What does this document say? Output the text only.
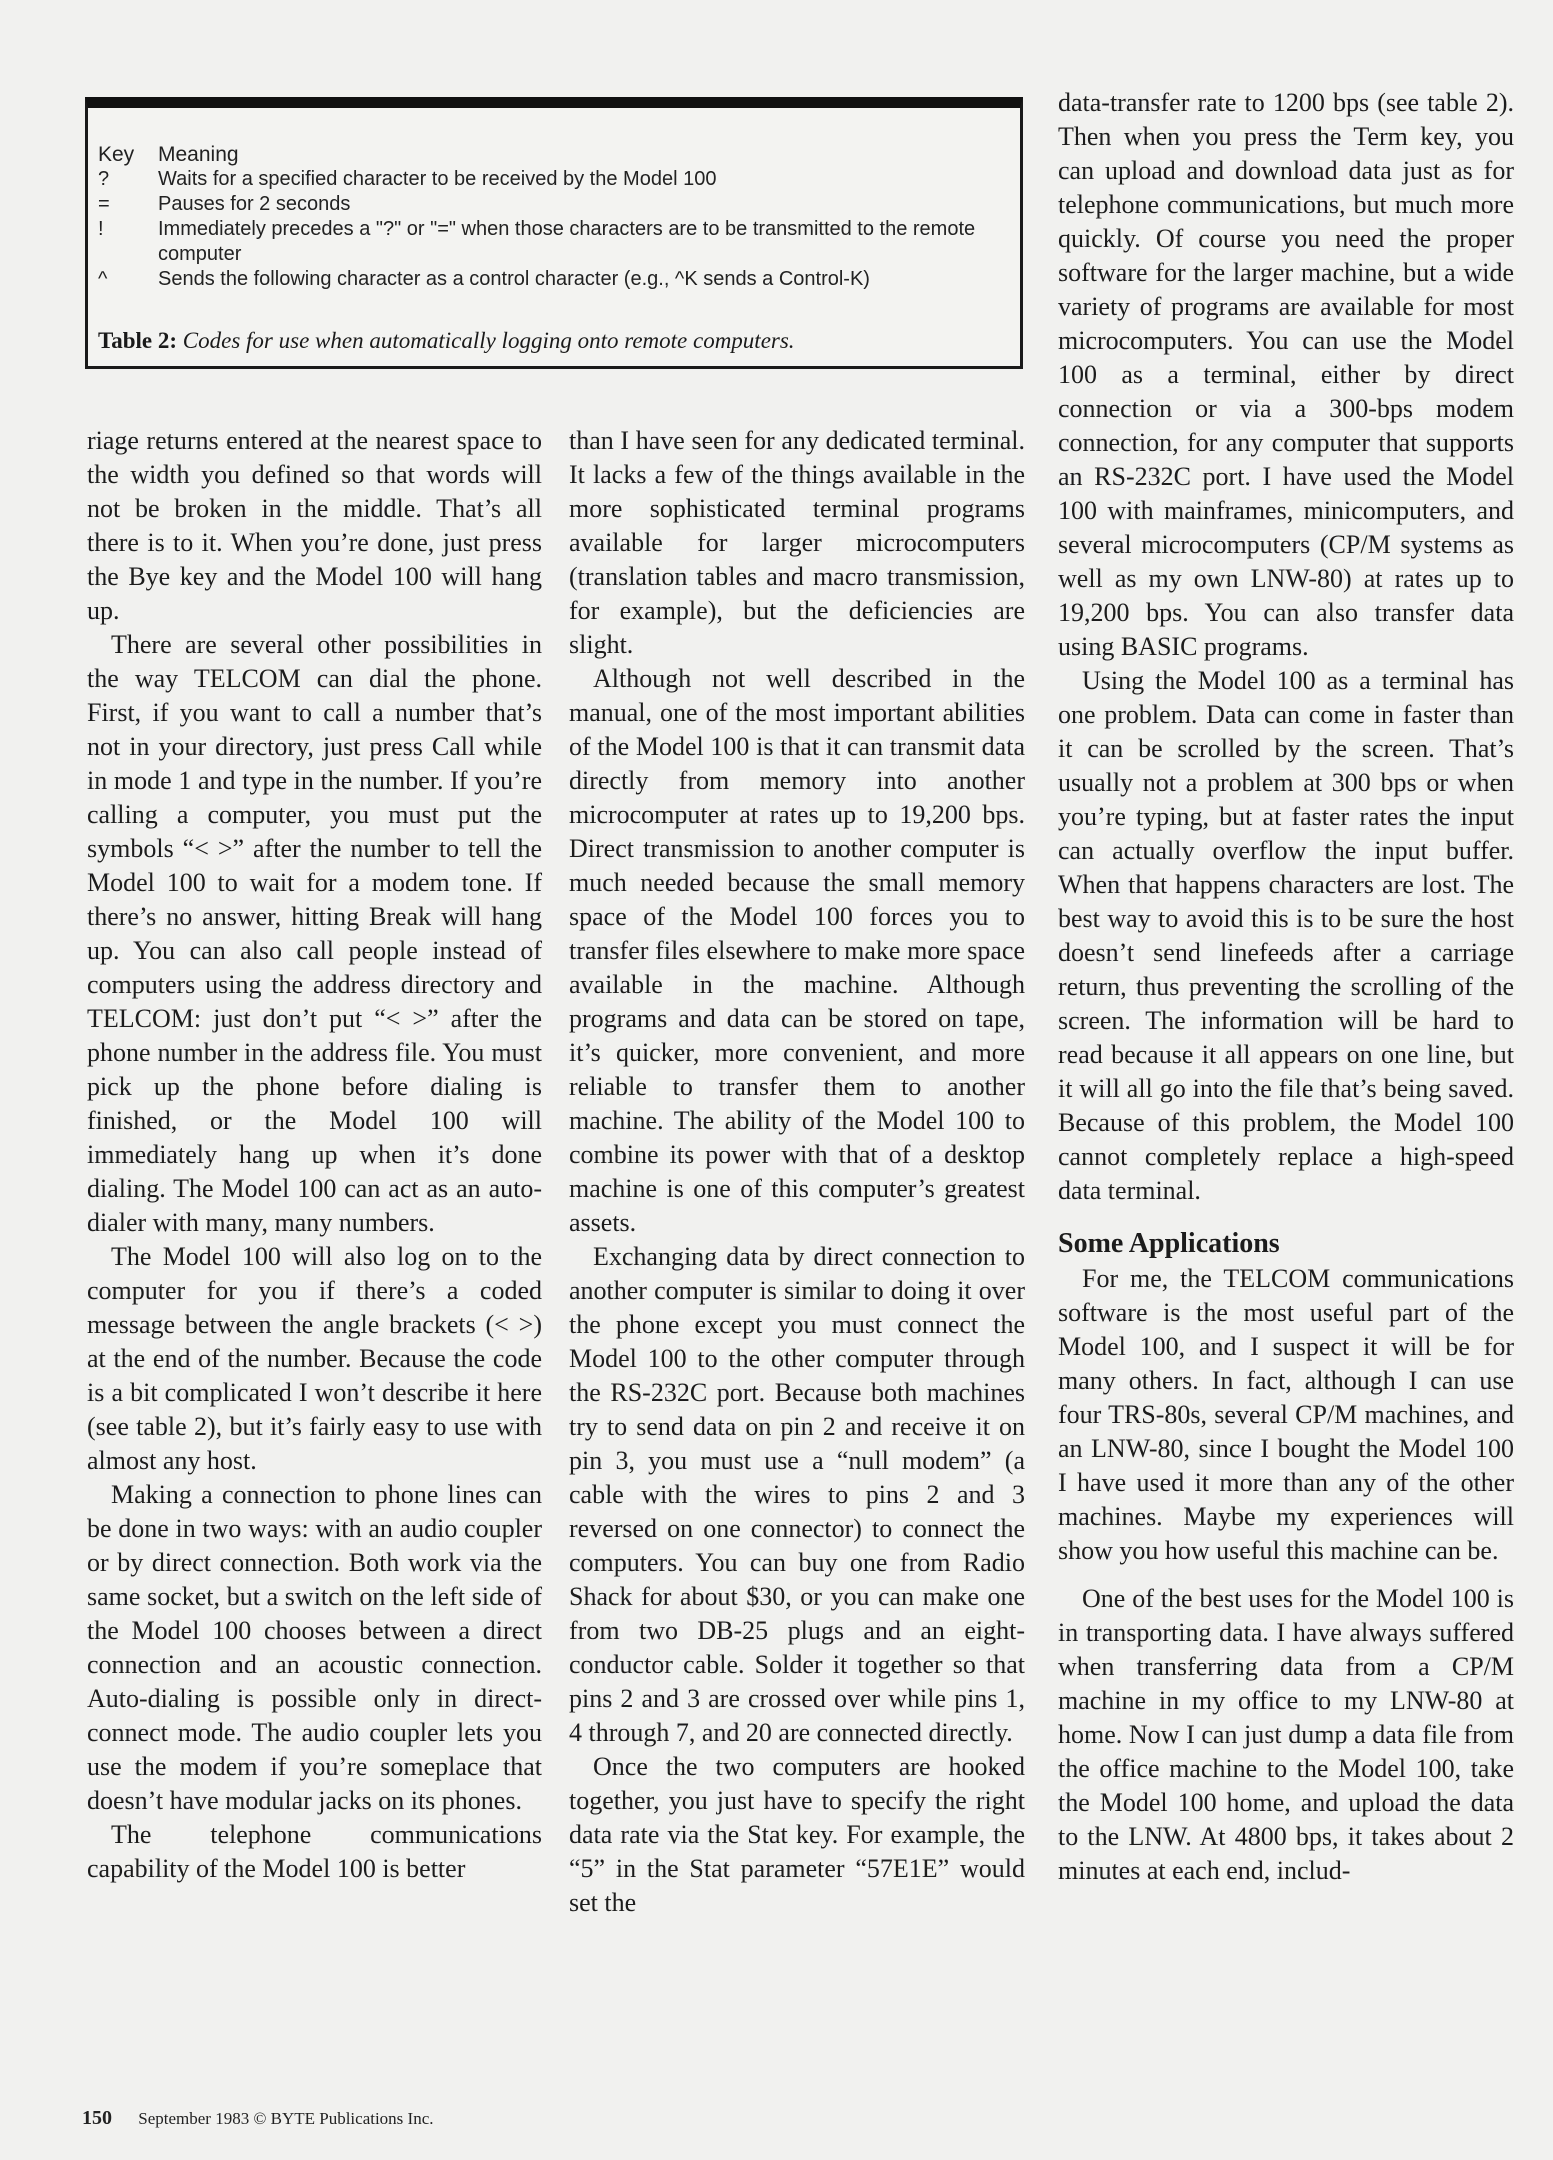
Key	Meaning
?	Waits for a specified character to be received by the Model 100
=	Pauses for 2 seconds
!	Immediately precedes a "?" or "=" when those characters are to be transmitted to the remote computer
^	Sends the following character as a control character (e.g., ^K sends a Control-K)
Table 2: Codes for use when automatically logging onto remote computers.

riage returns entered at the nearest space to the width you defined so that words will not be broken in the middle. That’s all there is to it. When you’re done, just press the Bye key and the Model 100 will hang up.

There are several other possibilities in the way TELCOM can dial the phone. First, if you want to call a number that’s not in your directory, just press Call while in mode 1 and type in the number. If you’re calling a computer, you must put the symbols “< >” after the number to tell the Model 100 to wait for a modem tone. If there’s no answer, hitting Break will hang up. You can also call people instead of computers using the address directory and TELCOM: just don’t put “< >” after the phone number in the address file. You must pick up the phone before dialing is finished, or the Model 100 will immediately hang up when it’s done dialing. The Model 100 can act as an auto-dialer with many, many numbers.

The Model 100 will also log on to the computer for you if there’s a coded message between the angle brackets (< >) at the end of the number. Because the code is a bit complicated I won’t describe it here (see table 2), but it’s fairly easy to use with almost any host.

Making a connection to phone lines can be done in two ways: with an audio coupler or by direct connection. Both work via the same socket, but a switch on the left side of the Model 100 chooses between a direct connection and an acoustic connection. Auto-dialing is possible only in direct-connect mode. The audio coupler lets you use the modem if you’re someplace that doesn’t have modular jacks on its phones.

The telephone communications capability of the Model 100 is better

than I have seen for any dedicated terminal. It lacks a few of the things available in the more sophisticated terminal programs available for larger microcomputers (translation tables and macro transmission, for example), but the deficiencies are slight.

Although not well described in the manual, one of the most important abilities of the Model 100 is that it can transmit data directly from memory into another microcomputer at rates up to 19,200 bps. Direct transmission to another computer is much needed because the small memory space of the Model 100 forces you to transfer files elsewhere to make more space available in the machine. Although programs and data can be stored on tape, it’s quicker, more convenient, and more reliable to transfer them to another machine. The ability of the Model 100 to combine its power with that of a desktop machine is one of this computer’s greatest assets.

Exchanging data by direct connection to another computer is similar to doing it over the phone except you must connect the Model 100 to the other computer through the RS-232C port. Because both machines try to send data on pin 2 and receive it on pin 3, you must use a “null modem” (a cable with the wires to pins 2 and 3 reversed on one connector) to connect the computers. You can buy one from Radio Shack for about $30, or you can make one from two DB-25 plugs and an eight-conductor cable. Solder it together so that pins 2 and 3 are crossed over while pins 1, 4 through 7, and 20 are connected directly.

Once the two computers are hooked together, you just have to specify the right data rate via the Stat key. For example, the “5” in the Stat parameter “57E1E” would set the

data-transfer rate to 1200 bps (see table 2). Then when you press the Term key, you can upload and download data just as for telephone communications, but much more quickly. Of course you need the proper software for the larger machine, but a wide variety of programs are available for most microcomputers. You can use the Model 100 as a terminal, either by direct connection or via a 300-bps modem connection, for any computer that supports an RS-232C port. I have used the Model 100 with mainframes, minicomputers, and several microcomputers (CP/M systems as well as my own LNW-80) at rates up to 19,200 bps. You can also transfer data using BASIC programs.

Using the Model 100 as a terminal has one problem. Data can come in faster than it can be scrolled by the screen. That’s usually not a problem at 300 bps or when you’re typing, but at faster rates the input can actually overflow the input buffer. When that happens characters are lost. The best way to avoid this is to be sure the host doesn’t send linefeeds after a carriage return, thus preventing the scrolling of the screen. The information will be hard to read because it all appears on one line, but it will all go into the file that’s being saved. Because of this problem, the Model 100 cannot completely replace a high-speed data terminal.

Some Applications

For me, the TELCOM communications software is the most useful part of the Model 100, and I suspect it will be for many others. In fact, although I can use four TRS-80s, several CP/M machines, and an LNW-80, since I bought the Model 100 I have used it more than any of the other machines. Maybe my experiences will show you how useful this machine can be.

One of the best uses for the Model 100 is in transporting data. I have always suffered when transferring data from a CP/M machine in my office to my LNW-80 at home. Now I can just dump a data file from the office machine to the Model 100, take the Model 100 home, and upload the data to the LNW. At 4800 bps, it takes about 2 minutes at each end, includ-

150 September 1983 © BYTE Publications Inc.
